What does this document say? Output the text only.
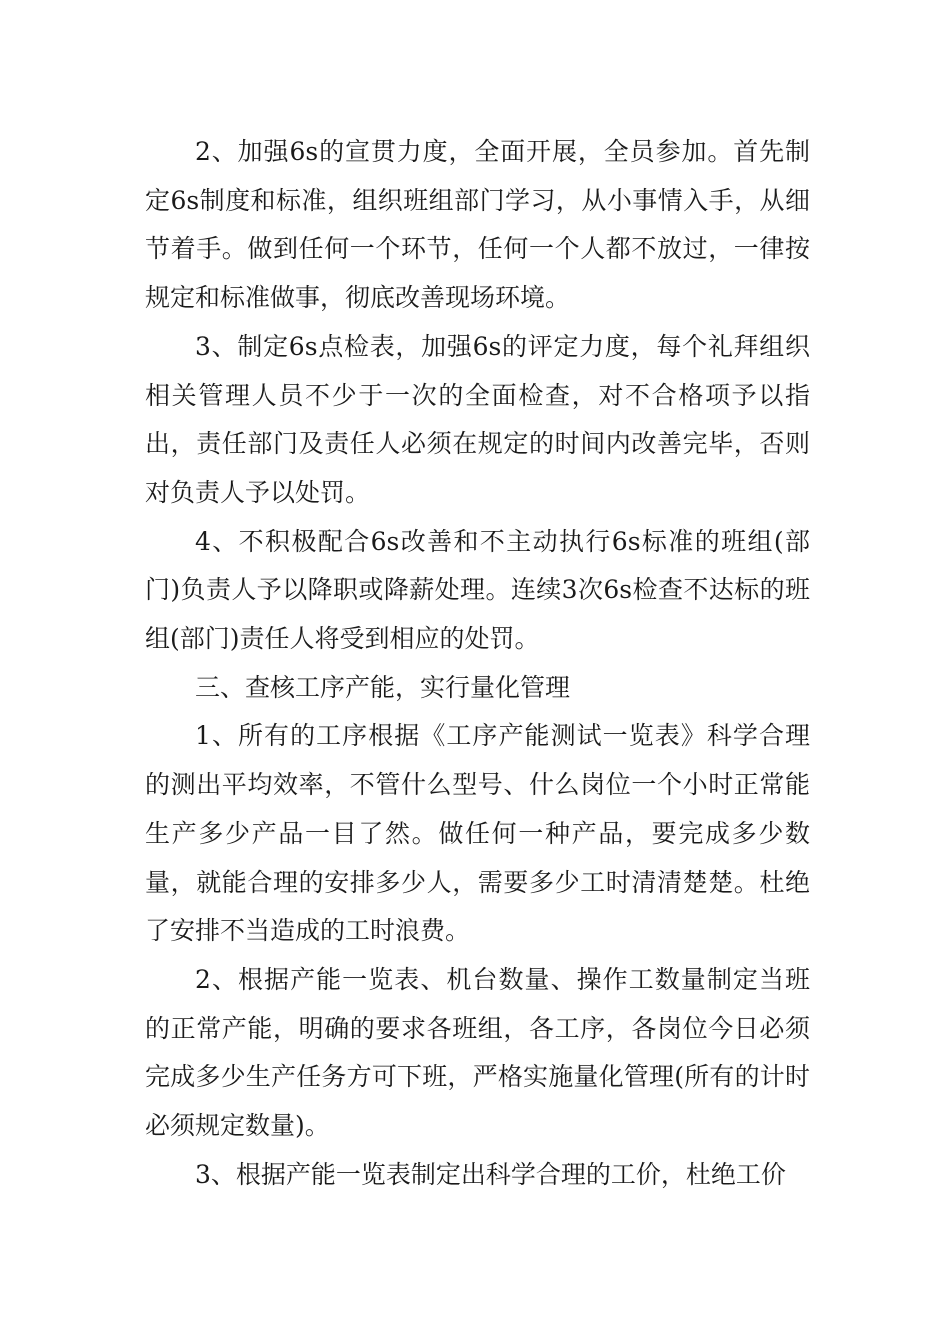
2、加强6s的宣贯力度，全面开展，全员参加。首先制定6s制度和标准，组织班组部门学习，从小事情入手，从细节着手。做到任何一个环节，任何一个人都不放过，一律按规定和标准做事，彻底改善现场环境。

3、制定6s点检表，加强6s的评定力度，每个礼拜组织相关管理人员不少于一次的全面检查，对不合格项予以指出，责任部门及责任人必须在规定的时间内改善完毕，否则对负责人予以处罚。

4、不积极配合6s改善和不主动执行6s标准的班组(部门)负责人予以降职或降薪处理。连续3次6s检查不达标的班组(部门)责任人将受到相应的处罚。

三、查核工序产能，实行量化管理

1、所有的工序根据《工序产能测试一览表》科学合理的测出平均效率，不管什么型号、什么岗位一个小时正常能生产多少产品一目了然。做任何一种产品，要完成多少数量，就能合理的安排多少人，需要多少工时清清楚楚。杜绝了安排不当造成的工时浪费。

2、根据产能一览表、机台数量、操作工数量制定当班的正常产能，明确的要求各班组，各工序，各岗位今日必须完成多少生产任务方可下班，严格实施量化管理(所有的计时必须规定数量)。

3、根据产能一览表制定出科学合理的工价，杜绝工价
